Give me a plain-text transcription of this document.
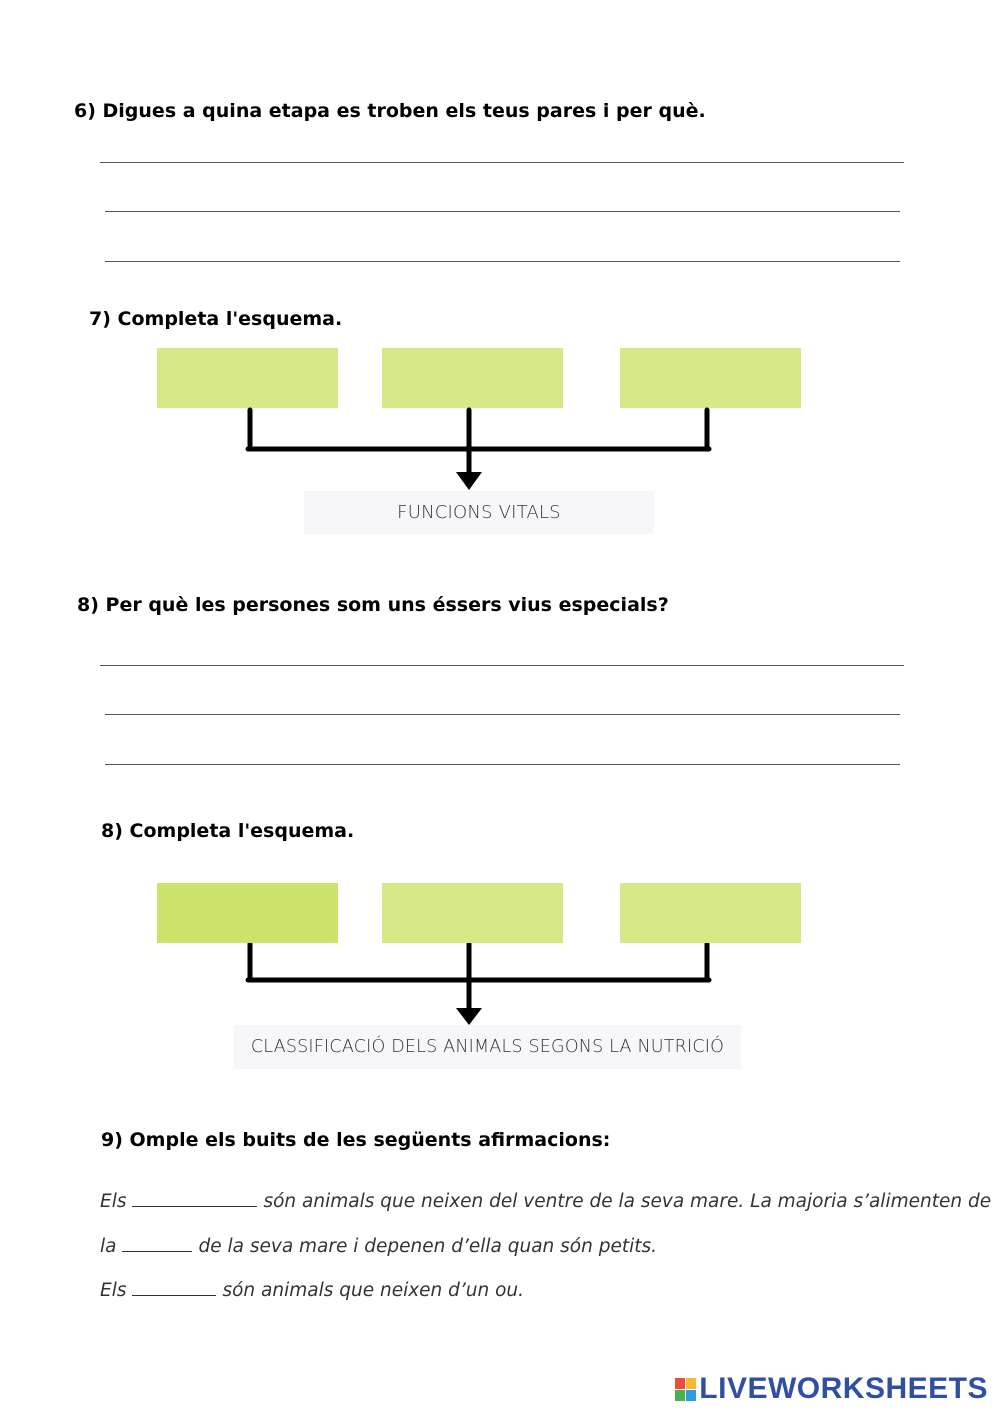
6) Digues a quina etapa es troben els teus pares i per què.

7) Completa l'esquema.

FUNCIONS VITALS

8) Per què les persones som uns éssers vius especials?

8) Completa l'esquema.

CLASSIFICACIÓ DELS ANIMALS SEGONS LA NUTRICIÓ

9) Omple els buits de les següents afirmacions:

Els	són animals que neixen del ventre de la seva mare. La majoria s’alimenten de

la	de la seva mare i depenen d’ella quan són petits.

Els	són animals que neixen d’un ou.

LIVEWORKSHEETS
